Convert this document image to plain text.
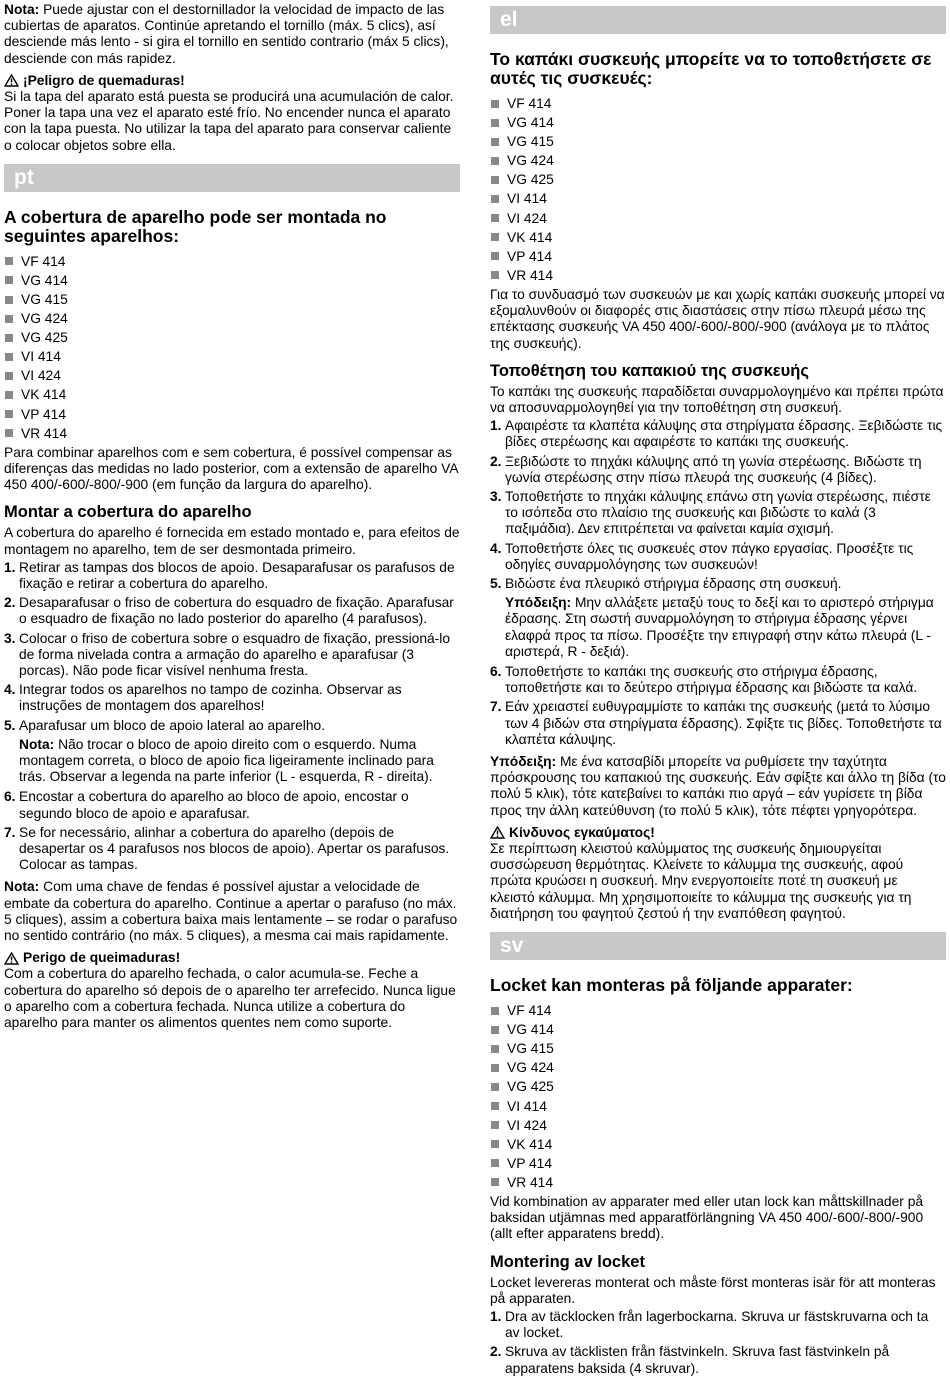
Nota: Puede ajustar con el destornillador la velocidad de impacto de las cubiertas de aparatos. Continúe apretando el tornillo (máx. 5 clics), así desciende más lento - si gira el tornillo en sentido contrario (máx 5 clics), desciende con más rapidez.

¡Peligro de quemaduras!

Si la tapa del aparato está puesta se producirá una acumulación de calor. Poner la tapa una vez el aparato esté frío. No encender nunca el aparato con la tapa puesta. No utilizar la tapa del aparato para conservar caliente o colocar objetos sobre ella.

pt
A cobertura de aparelho pode ser montada no seguintes aparelhos:
VF 414
VG 414
VG 415
VG 424
VG 425
VI 414
VI 424
VK 414
VP 414
VR 414

Para combinar aparelhos com e sem cobertura, é possível compensar as diferenças das medidas no lado posterior, com a extensão de aparelho VA 450 400/-600/-800/-900 (em função da largura do aparelho).

Montar a cobertura do aparelho

A cobertura do aparelho é fornecida em estado montado e, para efeitos de montagem no aparelho, tem de ser desmontada primeiro.

1. Retirar as tampas dos blocos de apoio. Desaparafusar os parafusos de fixação e retirar a cobertura do aparelho.
2. Desaparafusar o friso de cobertura do esquadro de fixação. Aparafusar o esquadro de fixação no lado posterior do aparelho (4 parafusos).
3. Colocar o friso de cobertura sobre o esquadro de fixação, pressioná-lo de forma nivelada contra a armação do aparelho e aparafusar (3 porcas). Não pode ficar visível nenhuma fresta.
4. Integrar todos os aparelhos no tampo de cozinha. Observar as instruções de montagem dos aparelhos!
5. Aparafusar um bloco de apoio lateral ao aparelho.

Nota: Não trocar o bloco de apoio direito com o esquerdo. Numa montagem correta, o bloco de apoio fica ligeiramente inclinado para trás. Observar a legenda na parte inferior (L - esquerda, R - direita).

6. Encostar a cobertura do aparelho ao bloco de apoio, encostar o segundo bloco de apoio e aparafusar.
7. Se for necessário, alinhar a cobertura do aparelho (depois de desapertar os 4 parafusos nos blocos de apoio). Apertar os parafusos. Colocar as tampas.

Nota: Com uma chave de fendas é possível ajustar a velocidade de embate da cobertura do aparelho. Continue a apertar o parafuso (no máx. 5 cliques), assim a cobertura baixa mais lentamente – se rodar o parafuso no sentido contrário (no máx. 5 cliques), a mesma cai mais rapidamente.

Perigo de queimaduras!

Com a cobertura do aparelho fechada, o calor acumula-se. Feche a cobertura do aparelho só depois de o aparelho ter arrefecido. Nunca ligue o aparelho com a cobertura fechada. Nunca utilize a cobertura do aparelho para manter os alimentos quentes nem como suporte.

el
Το καπάκι συσκευής μπορείτε να το τοποθετήσετε σε αυτές τις συσκευές:
VF 414
VG 414
VG 415
VG 424
VG 425
VI 414
VI 424
VK 414
VP 414
VR 414

Για το συνδυασμό των συσκευών με και χωρίς καπάκι συσκευής μπορεί να εξομαλυνθούν οι διαφορές στις διαστάσεις στην πίσω πλευρά μέσω της επέκτασης συσκευής VA 450 400/-600/-800/-900 (ανάλογα με το πλάτος της συσκευής).

Τοποθέτηση του καπακιού της συσκευής

Το καπάκι της συσκευής παραδίδεται συναρμολογημένο και πρέπει πρώτα να αποσυναρμολογηθεί για την τοποθέτηση στη συσκευή.

1. Αφαιρέστε τα κλαπέτα κάλυψης στα στηρίγματα έδρασης. Ξεβιδώστε τις βίδες στερέωσης και αφαιρέστε το καπάκι της συσκευής.
2. Ξεβιδώστε το πηχάκι κάλυψης από τη γωνία στερέωσης. Βιδώστε τη γωνία στερέωσης στην πίσω πλευρά της συσκευής (4 βίδες).
3. Τοποθετήστε το πηχάκι κάλυψης επάνω στη γωνία στερέωσης, πιέστε το ισόπεδα στο πλαίσιο της συσκευής και βιδώστε το καλά (3 παξιμάδια). Δεν επιτρέπεται να φαίνεται καμία σχισμή.
4. Τοποθετήστε όλες τις συσκευές στον πάγκο εργασίας. Προσέξτε τις οδηγίες συναρμολόγησης των συσκευών!
5. Βιδώστε ένα πλευρικό στήριγμα έδρασης στη συσκευή.

Υπόδειξη: Μην αλλάξετε μεταξύ τους το δεξί και το αριστερό στήριγμα έδρασης. Στη σωστή συναρμολόγηση το στήριγμα έδρασης γέρνει ελαφρά προς τα πίσω. Προσέξτε την επιγραφή στην κάτω πλευρά (L - αριστερά, R - δεξιά).

6. Τοποθετήστε το καπάκι της συσκευής στο στήριγμα έδρασης, τοποθετήστε και το δεύτερο στήριγμα έδρασης και βιδώστε τα καλά.
7. Εάν χρειαστεί ευθυγραμμίστε το καπάκι της συσκευής (μετά το λύσιμο των 4 βιδών στα στηρίγματα έδρασης). Σφίξτε τις βίδες. Τοποθετήστε τα κλαπέτα κάλυψης.

Υπόδειξη: Με ένα κατσαβίδι μπορείτε να ρυθμίσετε την ταχύτητα πρόσκρουσης του καπακιού της συσκευής. Εάν σφίξτε και άλλο τη βίδα (το πολύ 5 κλικ), τότε κατεβαίνει το καπάκι πιο αργά – εάν γυρίσετε τη βίδα προς την άλλη κατεύθυνση (το πολύ 5 κλικ), τότε πέφτει γρηγορότερα.

Κίνδυνος εγκαύματος!

Σε περίπτωση κλειστού καλύμματος της συσκευής δημιουργείται συσσώρευση θερμότητας. Κλείνετε το κάλυμμα της συσκευής, αφού πρώτα κρυώσει η συσκευή. Μην ενεργοποιείτε ποτέ τη συσκευή με κλειστό κάλυμμα. Μη χρησιμοποιείτε το κάλυμμα της συσκευής για τη διατήρηση του φαγητού ζεστού ή την εναπόθεση φαγητού.

sv
Locket kan monteras på följande apparater:
VF 414
VG 414
VG 415
VG 424
VG 425
VI 414
VI 424
VK 414
VP 414
VR 414

Vid kombination av apparater med eller utan lock kan måttskillnader på baksidan utjämnas med apparatförlängning VA 450 400/-600/-800/-900 (allt efter apparatens bredd).

Montering av locket

Locket levereras monterat och måste först monteras isär för att monteras på apparaten.

1. Dra av täcklocken från lagerbockarna. Skruva ur fästskruvarna och ta av locket.
2. Skruva av täcklisten från fästvinkeln. Skruva fast fästvinkeln på apparatens baksida (4 skruvar).
